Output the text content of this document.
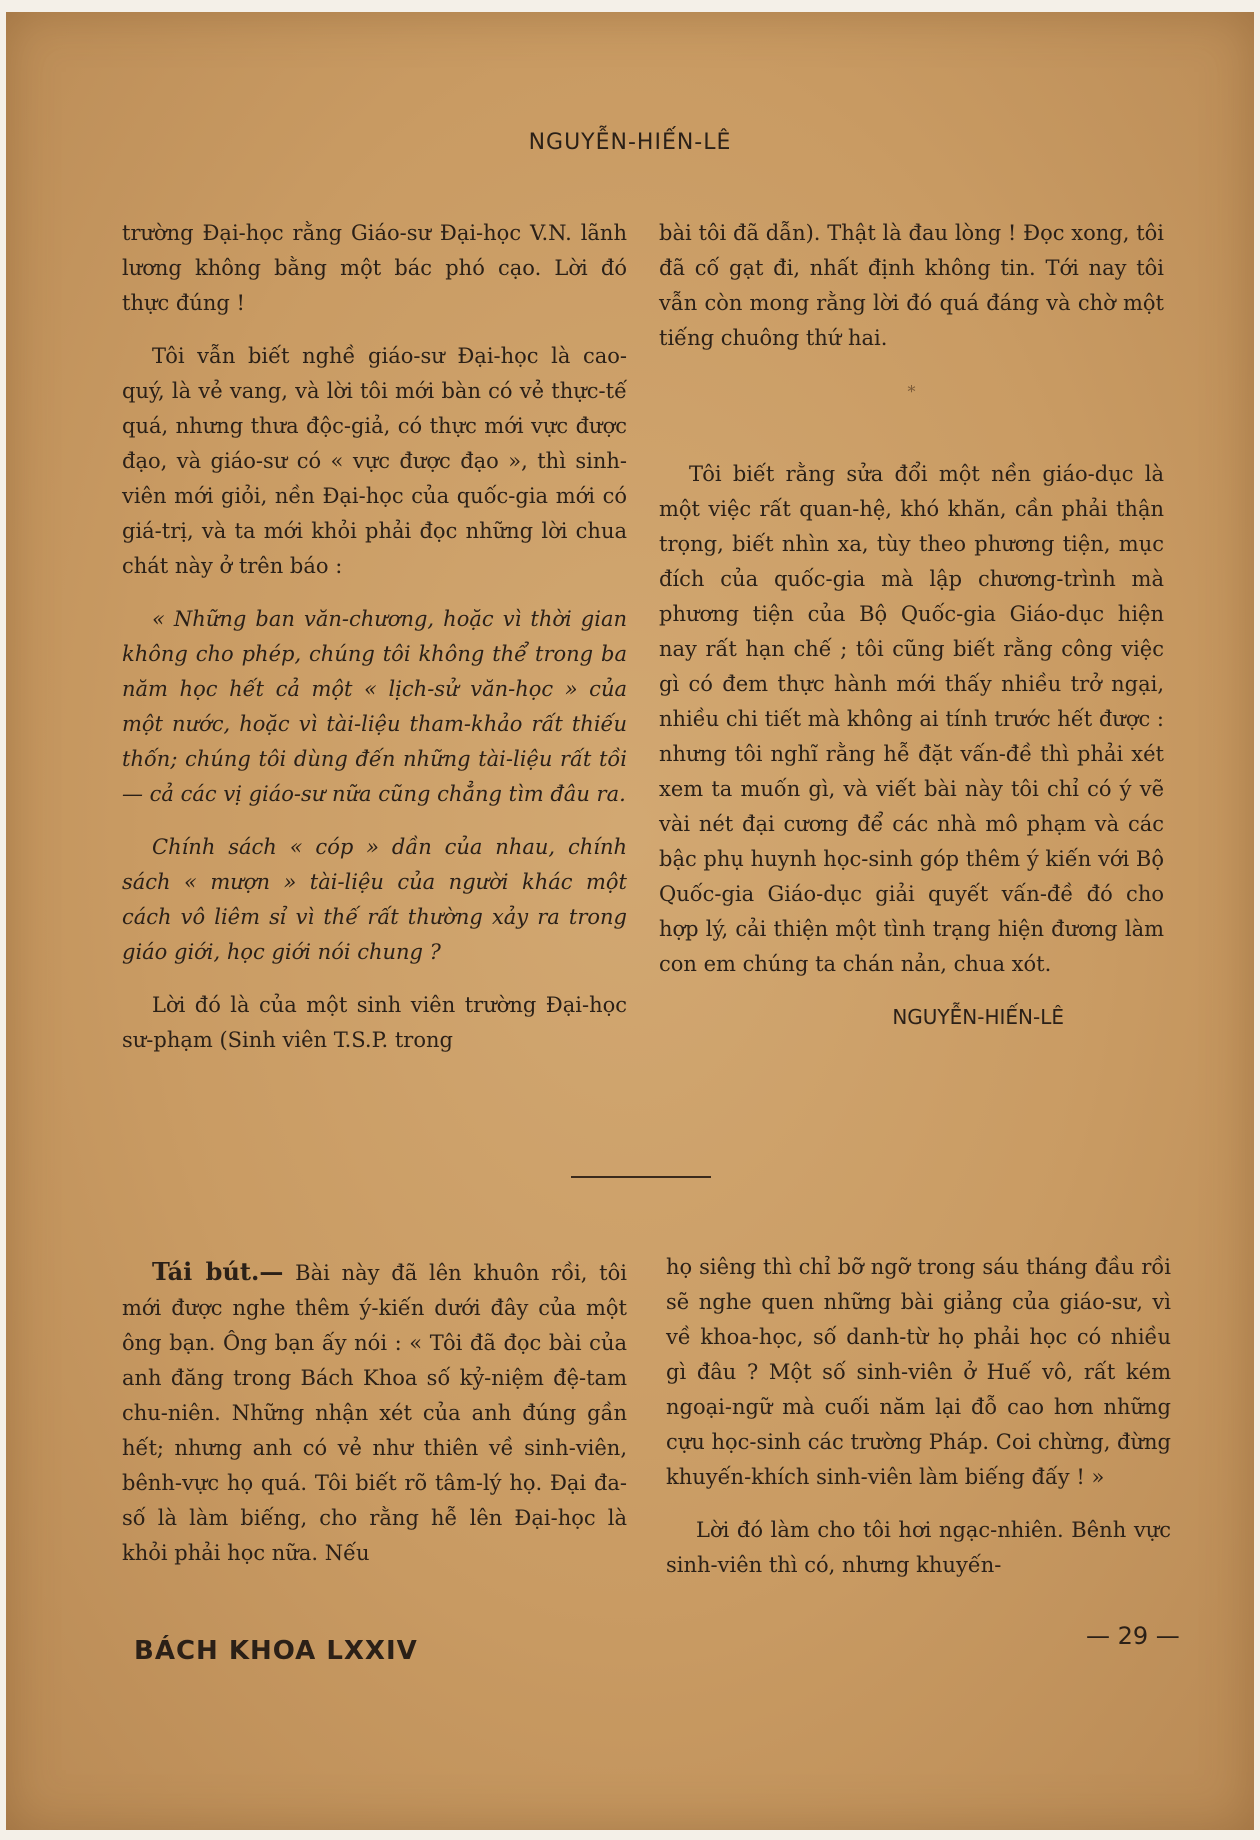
NGUYỄN-HIẾN-LÊ

trường Đại-học rằng Giáo-sư Đại-học V.N. lãnh lương không bằng một bác phó cạo. Lời đó thực đúng !

Tôi vẫn biết nghề giáo-sư Đại-học là cao-quý, là vẻ vang, và lời tôi mới bàn có vẻ thực-tế quá, nhưng thưa độc-giả, có thực mới vực được đạo, và giáo-sư có « vực được đạo », thì sinh-viên mới giỏi, nền Đại-học của quốc-gia mới có giá-trị, và ta mới khỏi phải đọc những lời chua chát này ở trên báo :

« Những ban văn-chương, hoặc vì thời gian không cho phép, chúng tôi không thể trong ba năm học hết cả một « lịch-sử văn-học » của một nước, hoặc vì tài-liệu tham-khảo rất thiếu thốn; chúng tôi dùng đến những tài-liệu rất tồi — cả các vị giáo-sư nữa cũng chẳng tìm đâu ra.

Chính sách « cóp » dần của nhau, chính sách « mượn » tài-liệu của người khác một cách vô liêm sỉ vì thế rất thường xảy ra trong giáo giới, học giới nói chung ?

Lời đó là của một sinh viên trường Đại-học sư-phạm (Sinh viên T.S.P. trong

bài tôi đã dẫn). Thật là đau lòng ! Đọc xong, tôi đã cố gạt đi, nhất định không tin. Tới nay tôi vẫn còn mong rằng lời đó quá đáng và chờ một tiếng chuông thứ hai.

*

Tôi biết rằng sửa đổi một nền giáo-dục là một việc rất quan-hệ, khó khăn, cần phải thận trọng, biết nhìn xa, tùy theo phương tiện, mục đích của quốc-gia mà lập chương-trình mà phương tiện của Bộ Quốc-gia Giáo-dục hiện nay rất hạn chế ; tôi cũng biết rằng công việc gì có đem thực hành mới thấy nhiều trở ngại, nhiều chi tiết mà không ai tính trước hết được : nhưng tôi nghĩ rằng hễ đặt vấn-đề thì phải xét xem ta muốn gì, và viết bài này tôi chỉ có ý vẽ vài nét đại cương để các nhà mô phạm và các bậc phụ huynh học-sinh góp thêm ý kiến với Bộ Quốc-gia Giáo-dục giải quyết vấn-đề đó cho hợp lý, cải thiện một tình trạng hiện đương làm con em chúng ta chán nản, chua xót.

NGUYỄN-HIẾN-LÊ

Tái bút.— Bài này đã lên khuôn rồi, tôi mới được nghe thêm ý-kiến dưới đây của một ông bạn. Ông bạn ấy nói : « Tôi đã đọc bài của anh đăng trong Bách Khoa số kỷ-niệm đệ-tam chu-niên. Những nhận xét của anh đúng gần hết; nhưng anh có vẻ như thiên về sinh-viên, bênh-vực họ quá. Tôi biết rõ tâm-lý họ. Đại đa-số là làm biếng, cho rằng hễ lên Đại-học là khỏi phải học nữa. Nếu

họ siêng thì chỉ bỡ ngỡ trong sáu tháng đầu rồi sẽ nghe quen những bài giảng của giáo-sư, vì về khoa-học, số danh-từ họ phải học có nhiều gì đâu ? Một số sinh-viên ở Huế vô, rất kém ngoại-ngữ mà cuối năm lại đỗ cao hơn những cựu học-sinh các trường Pháp. Coi chừng, đừng khuyến-khích sinh-viên làm biếng đấy ! »

Lời đó làm cho tôi hơi ngạc-nhiên. Bênh vực sinh-viên thì có, nhưng khuyến-

BÁCH KHOA LXXIV	— 29 —
